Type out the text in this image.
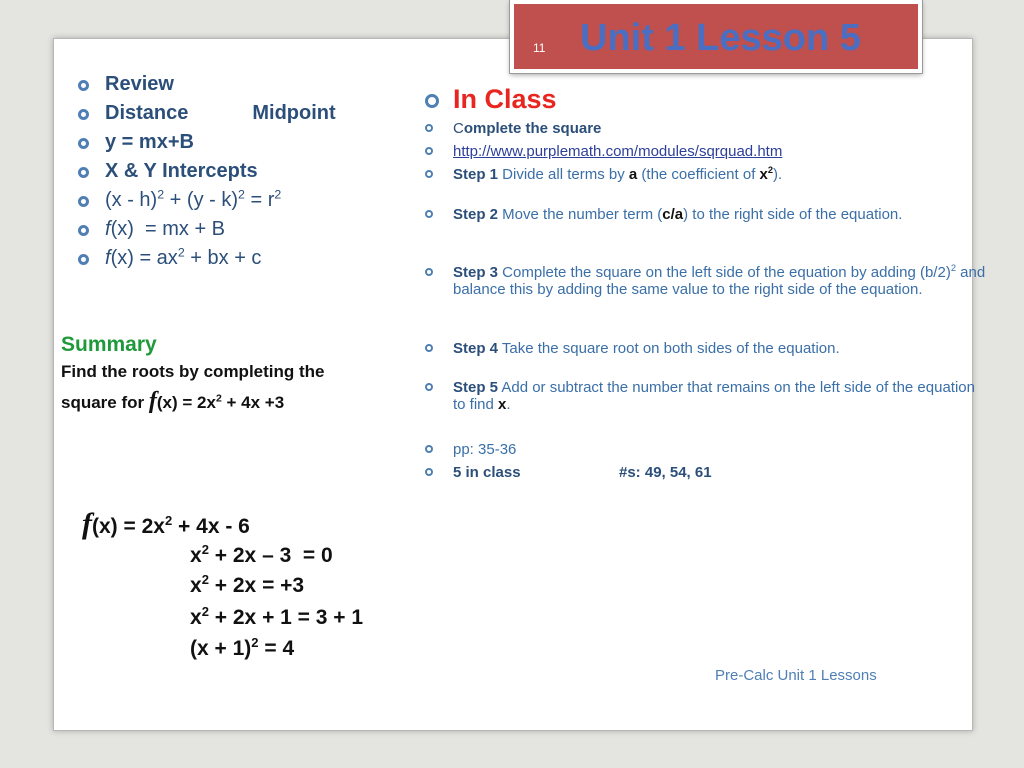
11 Unit 1 Lesson 5
Review
Distance	Midpoint
y = mx+B
X & Y Intercepts
$(x - h)^2 + (y - k)^2 = r^2$
f(x)  = mx + B
$f(x) = ax^2$ + bx + c
Summary
Find the roots by completing the
square for $f(x) = 2x^2 + 4x +3$
$f(x) = 2x^2 + 4x - 6$
$x^2 + 2x - 3 = 0$
$x^2 + 2x = +3$
$x^2 + 2x + 1 = 3 + 1$
$(x + 1)^2 = 4$
In Class
Complete the square
http://www.purplemath.com/modules/sqrquad.htm
Step 1 Divide all terms by a (the coefficient of $x^2$).
Step 2 Move the number term (c/a) to the right side of the equation.
Step 3 Complete the square on the left side of the equation by adding $(b/2)^2$ and balance this by adding the same value to the right side of the equation.
Step 4 Take the square root on both sides of the equation.
Step 5 Add or subtract the number that remains on the left side of the equation to find x.
pp: 35-36
5 in class	#s: 49, 54, 61
Pre-Calc Unit 1 Lessons
